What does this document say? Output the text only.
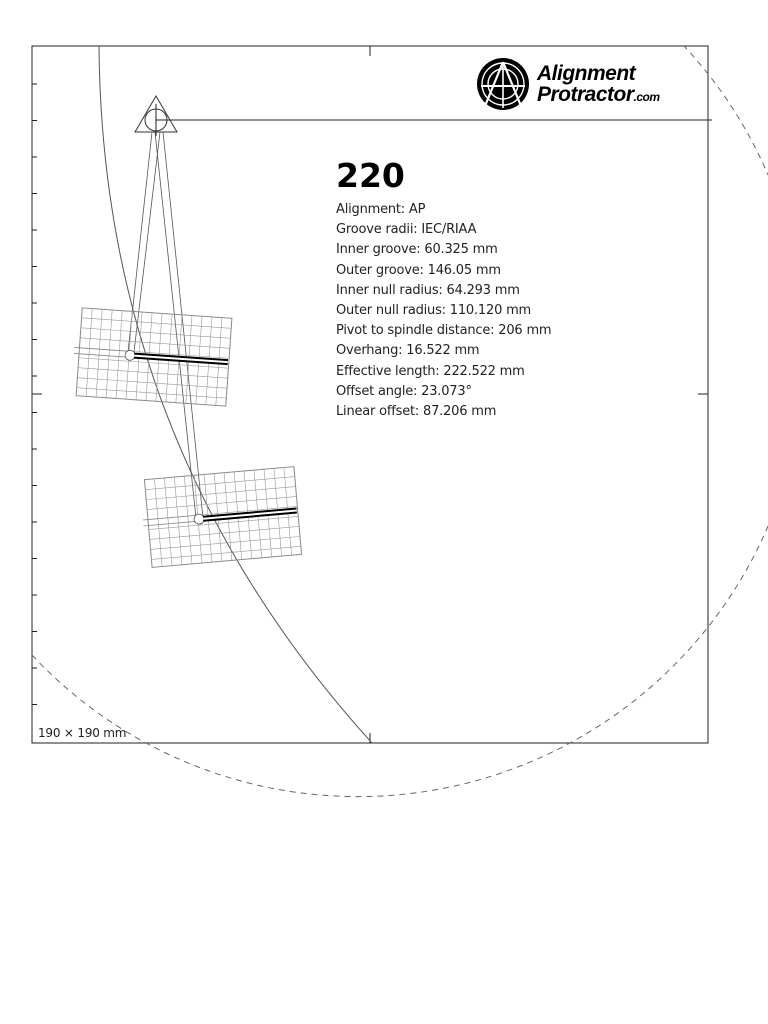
Alignment
Protractor.com
220
Alignment: AP
Groove radii: IEC/RIAA
Inner groove: 60.325 mm
Outer groove: 146.05 mm
Inner null radius: 64.293 mm
Outer null radius: 110.120 mm
Pivot to spindle distance: 206 mm
Overhang: 16.522 mm
Effective length: 222.522 mm
Offset angle: 23.073°
Linear offset: 87.206 mm
190 × 190 mm
